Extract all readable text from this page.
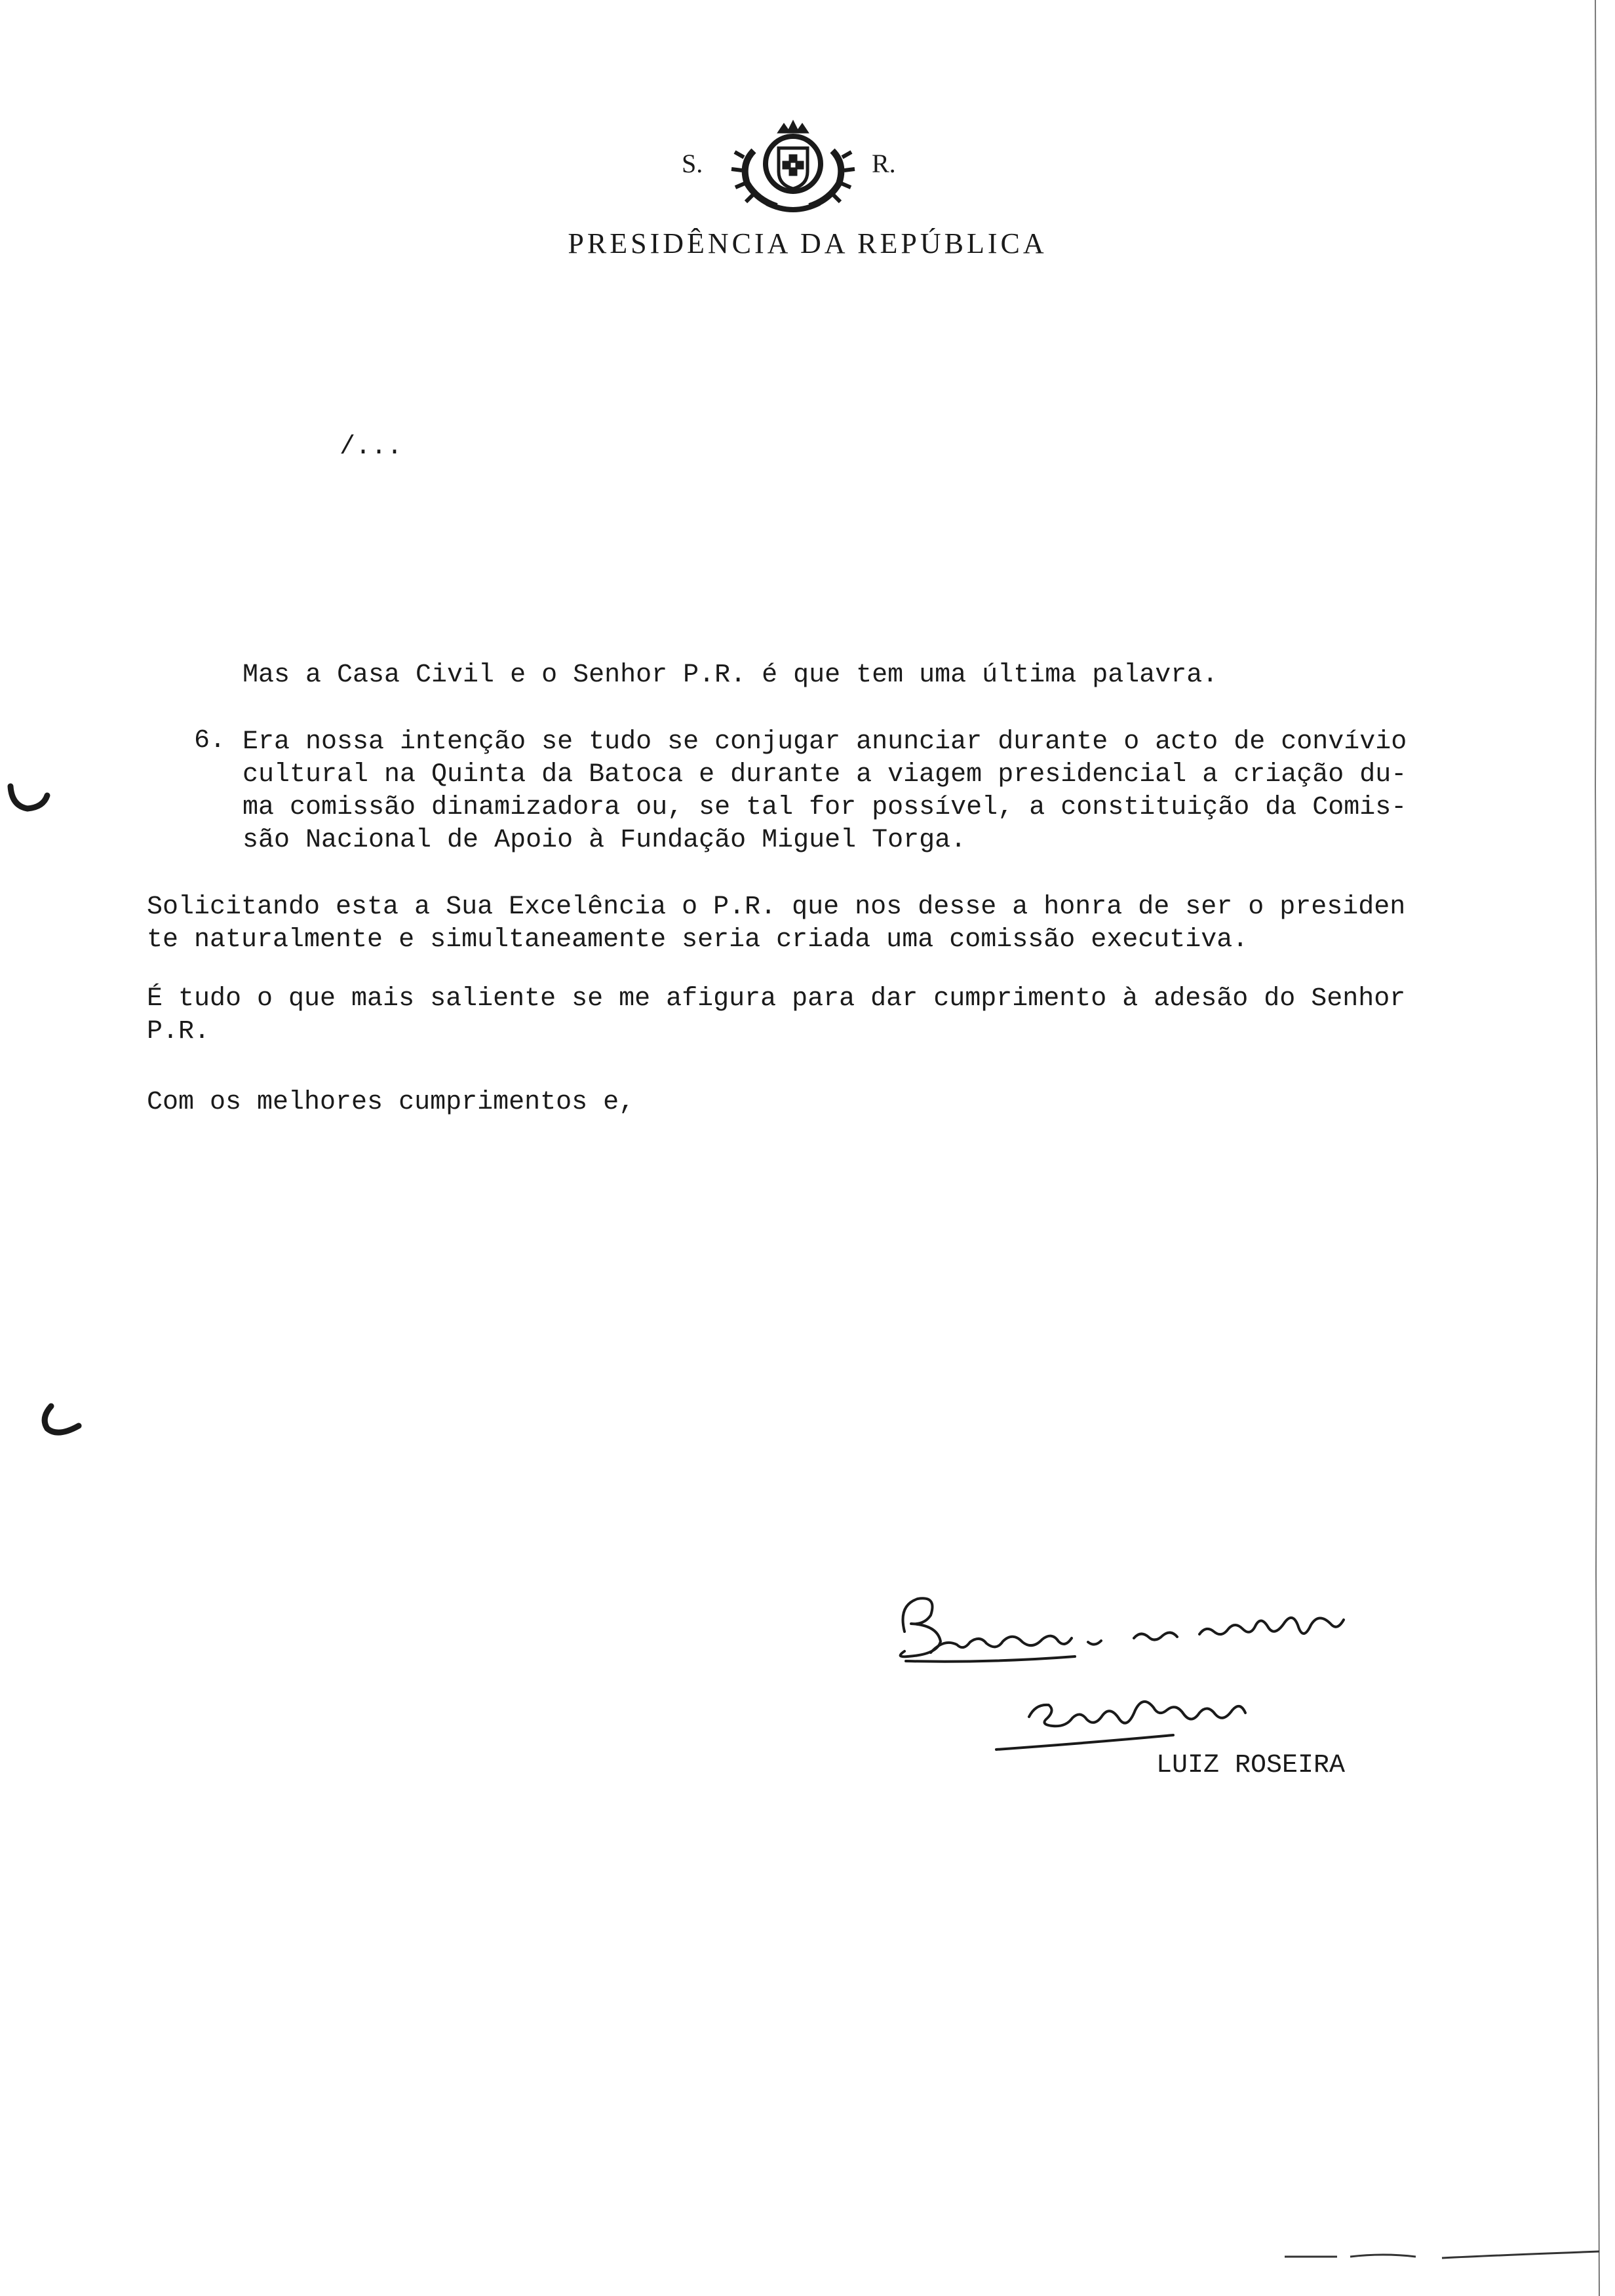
S.	R.
PRESIDÊNCIA DA REPÚBLICA

/...

Mas a Casa Civil e o Senhor P.R. é que tem uma última palavra.

6. Era nossa intenção se tudo se conjugar anunciar durante o acto de convívio
cultural na Quinta da Batoca e durante a viagem presidencial a criação du-
ma comissão dinamizadora ou, se tal for possível, a constituição da Comis-
são Nacional de Apoio à Fundação Miguel Torga.

Solicitando esta a Sua Excelência o P.R. que nos desse a honra de ser o presiden
te naturalmente e simultaneamente seria criada uma comissão executiva.

É tudo o que mais saliente se me afigura para dar cumprimento à adesão do Senhor
P.R.

Com os melhores cumprimentos e,

LUIZ ROSEIRA
